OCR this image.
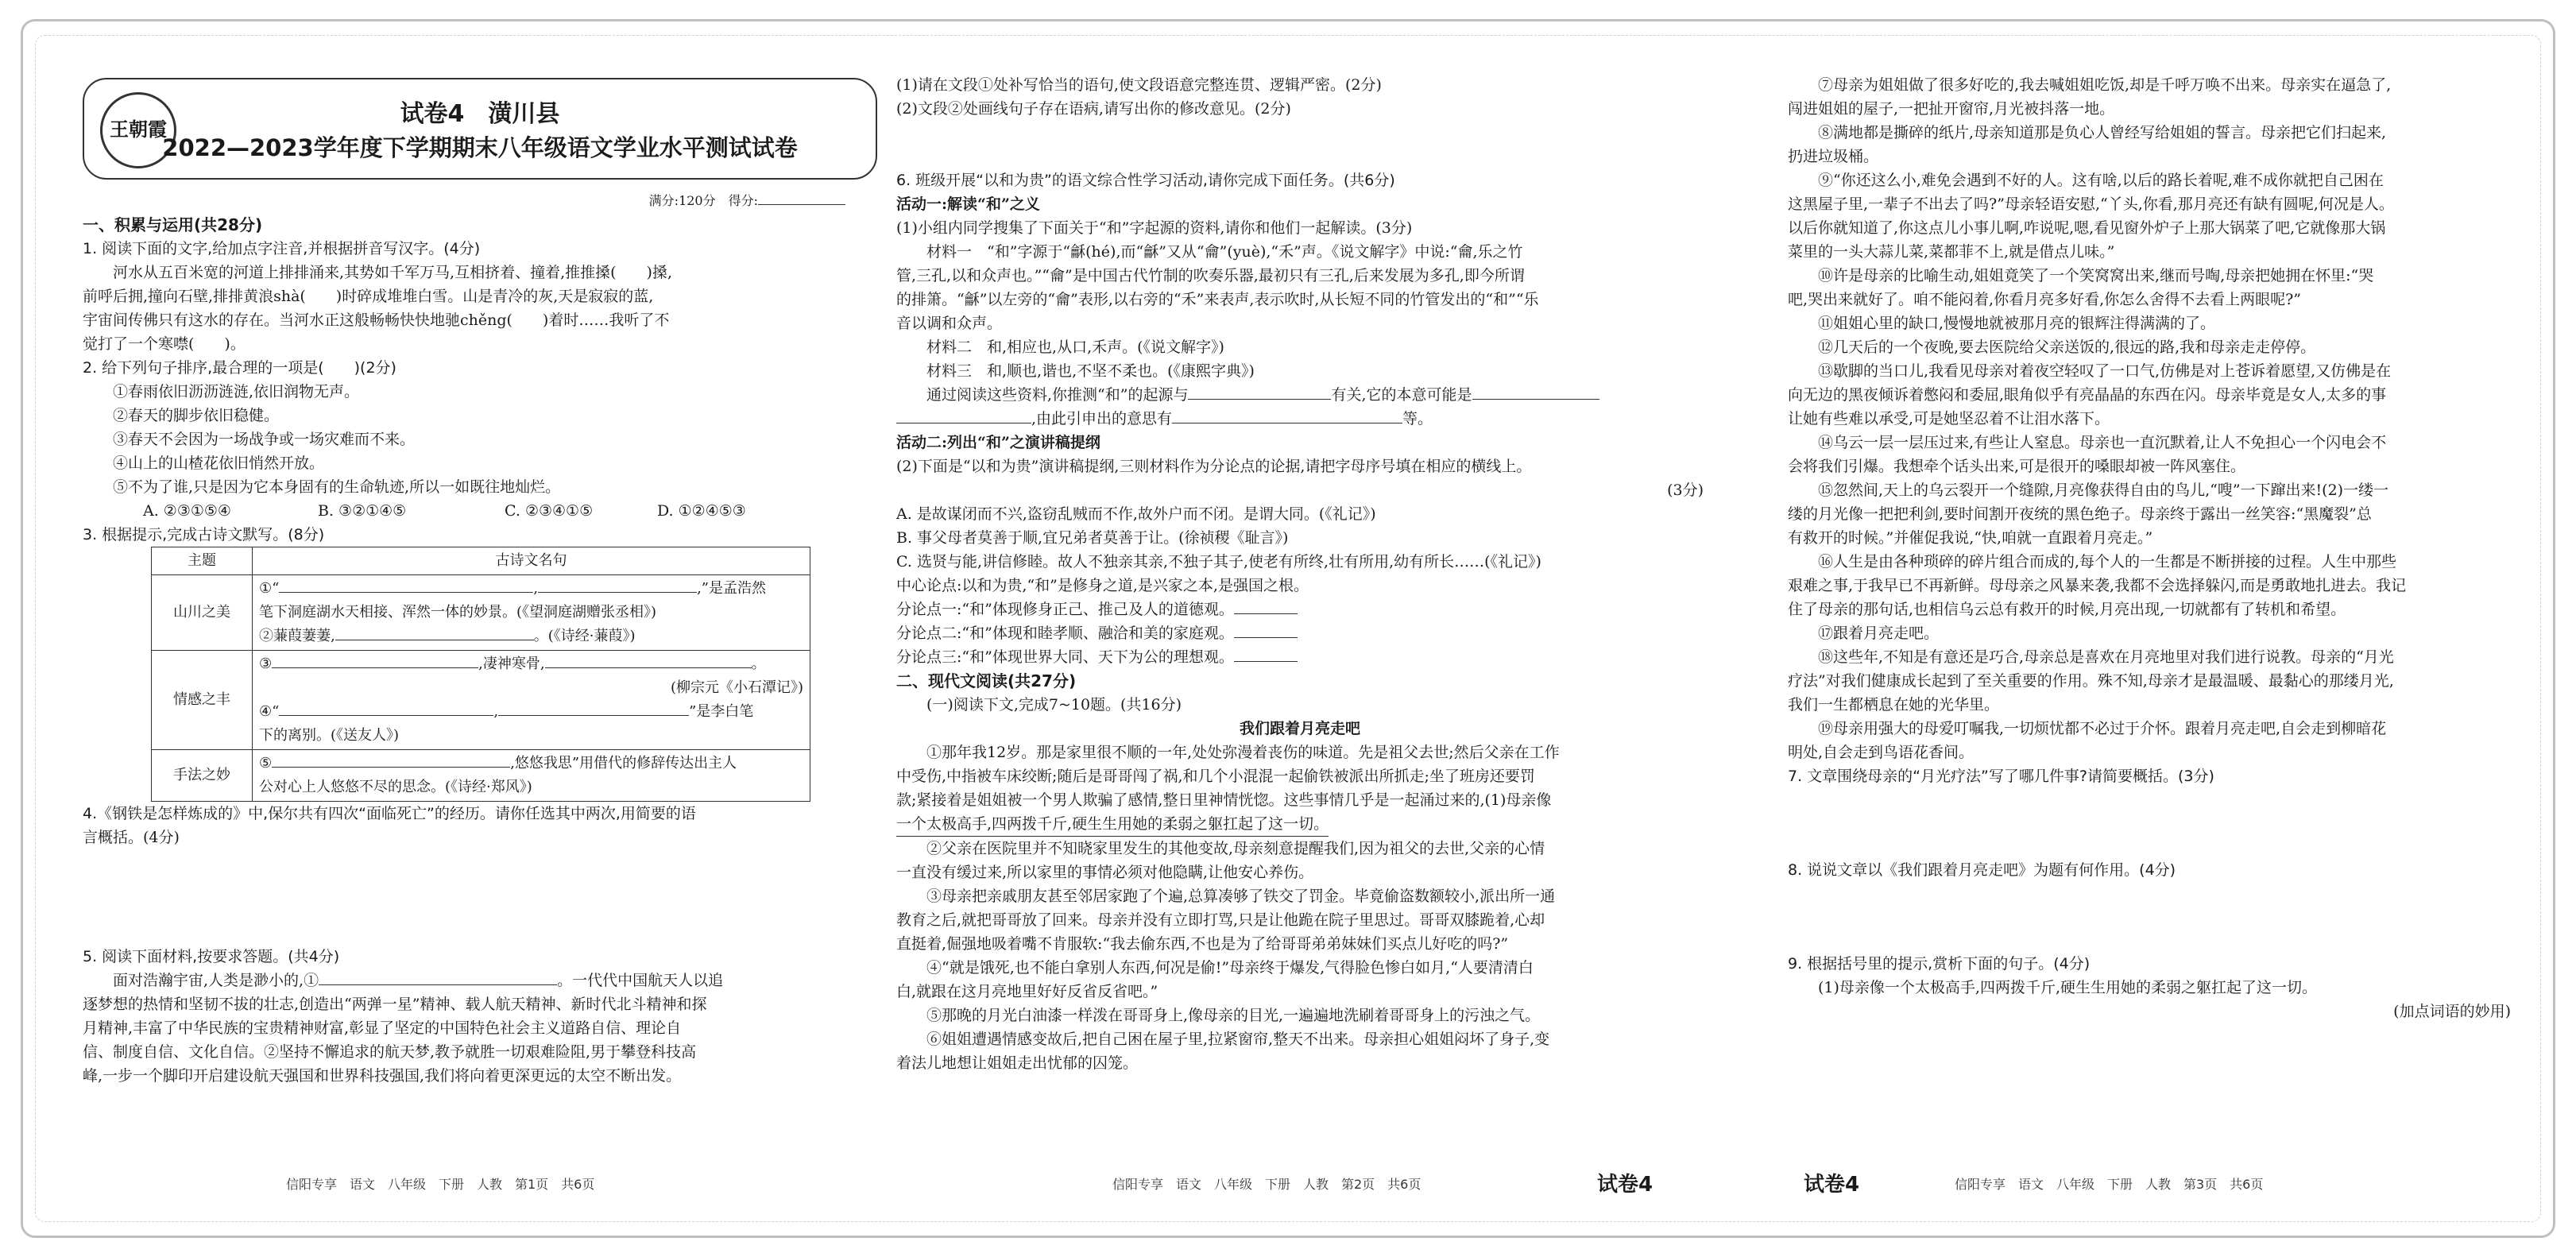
王朝霞
试卷4　潢川县
2022—2023学年度下学期期末八年级语文学业水平测试试卷
满分:120分　得分:

一、积累与运用(共28分)

1. 阅读下面的文字,给加点字注音,并根据拼音写汉字。(4分)

河水从五百米宽的河道上排排涌来,其势如千军万马,互相挤着、撞着,推推搡(　　)搡,

前呼后拥,撞向石壁,排排黄浪shà(　　)时碎成堆堆白雪。山是青冷的灰,天是寂寂的蓝,

宇宙间传佛只有这水的存在。当河水正这般畅畅快快地驰chěng(　　)着时……我听了不

觉打了一个寒噤(　　)。

2. 给下列句子排序,最合理的一项是(　　)(2分)

①春雨依旧沥沥涟涟,依旧润物无声。

②春天的脚步依旧稳健。

③春天不会因为一场战争或一场灾难而不来。

④山上的山楂花依旧悄然开放。

⑤不为了谁,只是因为它本身固有的生命轨迹,所以一如既往地灿烂。

A. ②③①⑤④	B. ③②①④⑤	C. ②③④①⑤	D. ①②④⑤③

3. 根据提示,完成古诗文默写。(8分)

主题	古诗文名句
山川之美	①“ , ,”是孟浩然
笔下洞庭湖水天相接、浑然一体的妙景。(《望洞庭湖赠张丞相》)
②蒹葭萋萋, 。(《诗经·蒹葭》)

情感之丰	③ ,凄神寒骨, 。
(柳宗元《小石潭记》)
④“ , ”是李白笔
下的离别。(《送友人》)

手法之妙	⑤ ,悠悠我思”用借代的修辞传达出主人
公对心上人悠悠不尽的思念。(《诗经·郑风》)

4.《钢铁是怎样炼成的》中,保尔共有四次“面临死亡”的经历。请你任选其中两次,用简要的语

言概括。(4分)

5. 阅读下面材料,按要求答题。(共4分)

面对浩瀚宇宙,人类是渺小的,①	。一代代中国航天人以追

逐梦想的热情和坚韧不拔的壮志,创造出“两弹一星”精神、载人航天精神、新时代北斗精神和探

月精神,丰富了中华民族的宝贵精神财富,彰显了坚定的中国特色社会主义道路自信、理论自

信、制度自信、文化自信。②坚持不懈追求的航天梦,教予就胜一切艰难险阻,男于攀登科技高

峰,一步一个脚印开启建设航天强国和世界科技强国,我们将向着更深更远的太空不断出发。

(1)请在文段①处补写恰当的语句,使文段语意完整连贯、逻辑严密。(2分)

(2)文段②处画线句子存在语病,请写出你的修改意见。(2分)

6. 班级开展“以和为贵”的语文综合性学习活动,请你完成下面任务。(共6分)

活动一:解读“和”之义

(1)小组内同学搜集了下面关于“和”字起源的资料,请你和他们一起解读。(3分)

材料一　“和”字源于“龢(hé),而“龢”又从“龠”(yuè),“禾”声。《说文解字》中说:“龠,乐之竹

管,三孔,以和众声也。”“龠”是中国古代竹制的吹奏乐器,最初只有三孔,后来发展为多孔,即今所谓

的排箫。“龢”以左旁的“龠”表形,以右旁的“禾”来表声,表示吹时,从长短不同的竹管发出的“和”“乐

音以调和众声。

材料二　和,相应也,从口,禾声。(《说文解字》)

材料三　和,顺也,谐也,不坚不柔也。(《康熙字典》)

通过阅读这些资料,你推测“和”的起源与	有关,它的本意可能是

,由此引申出的意思有	等。

活动二:列出“和”之演讲稿提纲

(2)下面是“以和为贵”演讲稿提纲,三则材料作为分论点的论据,请把字母序号填在相应的横线上。

(3分)

A. 是故谋闭而不兴,盗窃乱贼而不作,故外户而不闭。是谓大同。(《礼记》)

B. 事父母者莫善于顺,宜兄弟者莫善于让。(徐祯稷《耻言》)

C. 选贤与能,讲信修睦。故人不独亲其亲,不独子其子,使老有所终,壮有所用,幼有所长……(《礼记》)

中心论点:以和为贵,“和”是修身之道,是兴家之本,是强国之根。

分论点一:“和”体现修身正己、推己及人的道德观。

分论点二:“和”体现和睦孝顺、融洽和美的家庭观。

分论点三:“和”体现世界大同、天下为公的理想观。

二、现代文阅读(共27分)

(一)阅读下文,完成7~10题。(共16分)

我们跟着月亮走吧

①那年我12岁。那是家里很不顺的一年,处处弥漫着丧伤的味道。先是祖父去世;然后父亲在工作

中受伤,中指被车床绞断;随后是哥哥闯了祸,和几个小混混一起偷铁被派出所抓走;坐了班房还要罚

款;紧接着是姐姐被一个男人欺骗了感情,整日里神情恍惚。这些事情几乎是一起涌过来的,(1)母亲像

一个太极高手,四两拨千斤,硬生生用她的柔弱之躯扛起了这一切。

②父亲在医院里并不知晓家里发生的其他变故,母亲刻意提醒我们,因为祖父的去世,父亲的心情

一直没有缓过来,所以家里的事情必须对他隐瞒,让他安心养伤。

③母亲把亲戚朋友甚至邻居家跑了个遍,总算凑够了铁交了罚金。毕竟偷盗数额较小,派出所一通

教育之后,就把哥哥放了回来。母亲并没有立即打骂,只是让他跪在院子里思过。哥哥双膝跪着,心却

直挺着,倔强地吸着嘴不肯服软:“我去偷东西,不也是为了给哥哥弟弟妹妹们买点儿好吃的吗?”

④“就是饿死,也不能白拿别人东西,何况是偷!”母亲终于爆发,气得脸色惨白如月,“人要清清白

白,就跟在这月亮地里好好反省反省吧。”

⑤那晚的月光白油漆一样泼在哥哥身上,像母亲的目光,一遍遍地洗刷着哥哥身上的污浊之气。

⑥姐姐遭遇情感变故后,把自己困在屋子里,拉紧窗帘,整天不出来。母亲担心姐姐闷坏了身子,变

着法儿地想让姐姐走出忧郁的囚笼。

⑦母亲为姐姐做了很多好吃的,我去喊姐姐吃饭,却是千呼万唤不出来。母亲实在逼急了,

闯进姐姐的屋子,一把扯开窗帘,月光被抖落一地。

⑧满地都是撕碎的纸片,母亲知道那是负心人曾经写给姐姐的誓言。母亲把它们扫起来,

扔进垃圾桶。

⑨“你还这么小,难免会遇到不好的人。这有啥,以后的路长着呢,难不成你就把自己困在

这黑屋子里,一辈子不出去了吗?”母亲轻语安慰,“丫头,你看,那月亮还有缺有圆呢,何况是人。

以后你就知道了,你这点儿小事儿啊,咋说呢,嗯,看见窗外炉子上那大锅菜了吧,它就像那大锅

菜里的一头大蒜儿菜,菜都菲不上,就是借点儿味。”

⑩许是母亲的比喻生动,姐姐竟笑了一个笑窝窝出来,继而号啕,母亲把她拥在怀里:“哭

吧,哭出来就好了。咱不能闷着,你看月亮多好看,你怎么舍得不去看上两眼呢?”

⑪姐姐心里的缺口,慢慢地就被那月亮的银辉注得满满的了。

⑫几天后的一个夜晚,要去医院给父亲送饭的,很远的路,我和母亲走走停停。

⑬歇脚的当口儿,我看见母亲对着夜空轻叹了一口气,仿佛是对上苍诉着愿望,又仿佛是在

向无边的黑夜倾诉着憋闷和委屈,眼角似乎有亮晶晶的东西在闪。母亲毕竟是女人,太多的事

让她有些难以承受,可是她坚忍着不让泪水落下。

⑭乌云一层一层压过来,有些让人窒息。母亲也一直沉默着,让人不免担心一个闪电会不

会将我们引爆。我想牵个话头出来,可是很开的嗓眼却被一阵风塞住。

⑮忽然间,天上的乌云裂开一个缝隙,月亮像获得自由的鸟儿,“嗖”一下蹿出来!(2)一缕一

缕的月光像一把把利剑,要时间割开夜统的黑色绝子。母亲终于露出一丝笑容:“黑魔裂”总

有救开的时候。”并催促我说,“快,咱就一直跟着月亮走。”

⑯人生是由各种琐碎的碎片组合而成的,每个人的一生都是不断拼接的过程。人生中那些

艰难之事,于我早已不再新鲜。母母亲之风暴来袭,我都不会选择躲闪,而是勇敢地扎进去。我记

住了母亲的那句话,也相信乌云总有救开的时候,月亮出现,一切就都有了转机和希望。

⑰跟着月亮走吧。

⑱这些年,不知是有意还是巧合,母亲总是喜欢在月亮地里对我们进行说教。母亲的“月光

疗法”对我们健康成长起到了至关重要的作用。殊不知,母亲才是最温暖、最黏心的那缕月光,

我们一生都栖息在她的光华里。

⑲母亲用强大的母爱叮嘱我,一切烦忧都不必过于介怀。跟着月亮走吧,自会走到柳暗花

明处,自会走到鸟语花香间。

7. 文章围绕母亲的“月光疗法”写了哪几件事?请简要概括。(3分)

8. 说说文章以《我们跟着月亮走吧》为题有何作用。(4分)

9. 根据括号里的提示,赏析下面的句子。(4分)

(1)母亲像一个太极高手,四两拨千斤,硬生生用她的柔弱之躯扛起了这一切。

(加点词语的妙用)

信阳专享　语文　八年级　下册　人教　第1页　共6页	信阳专享　语文　八年级　下册　人教　第2页　共6页	试卷4	试卷4	信阳专享　语文　八年级　下册　人教　第3页　共6页
